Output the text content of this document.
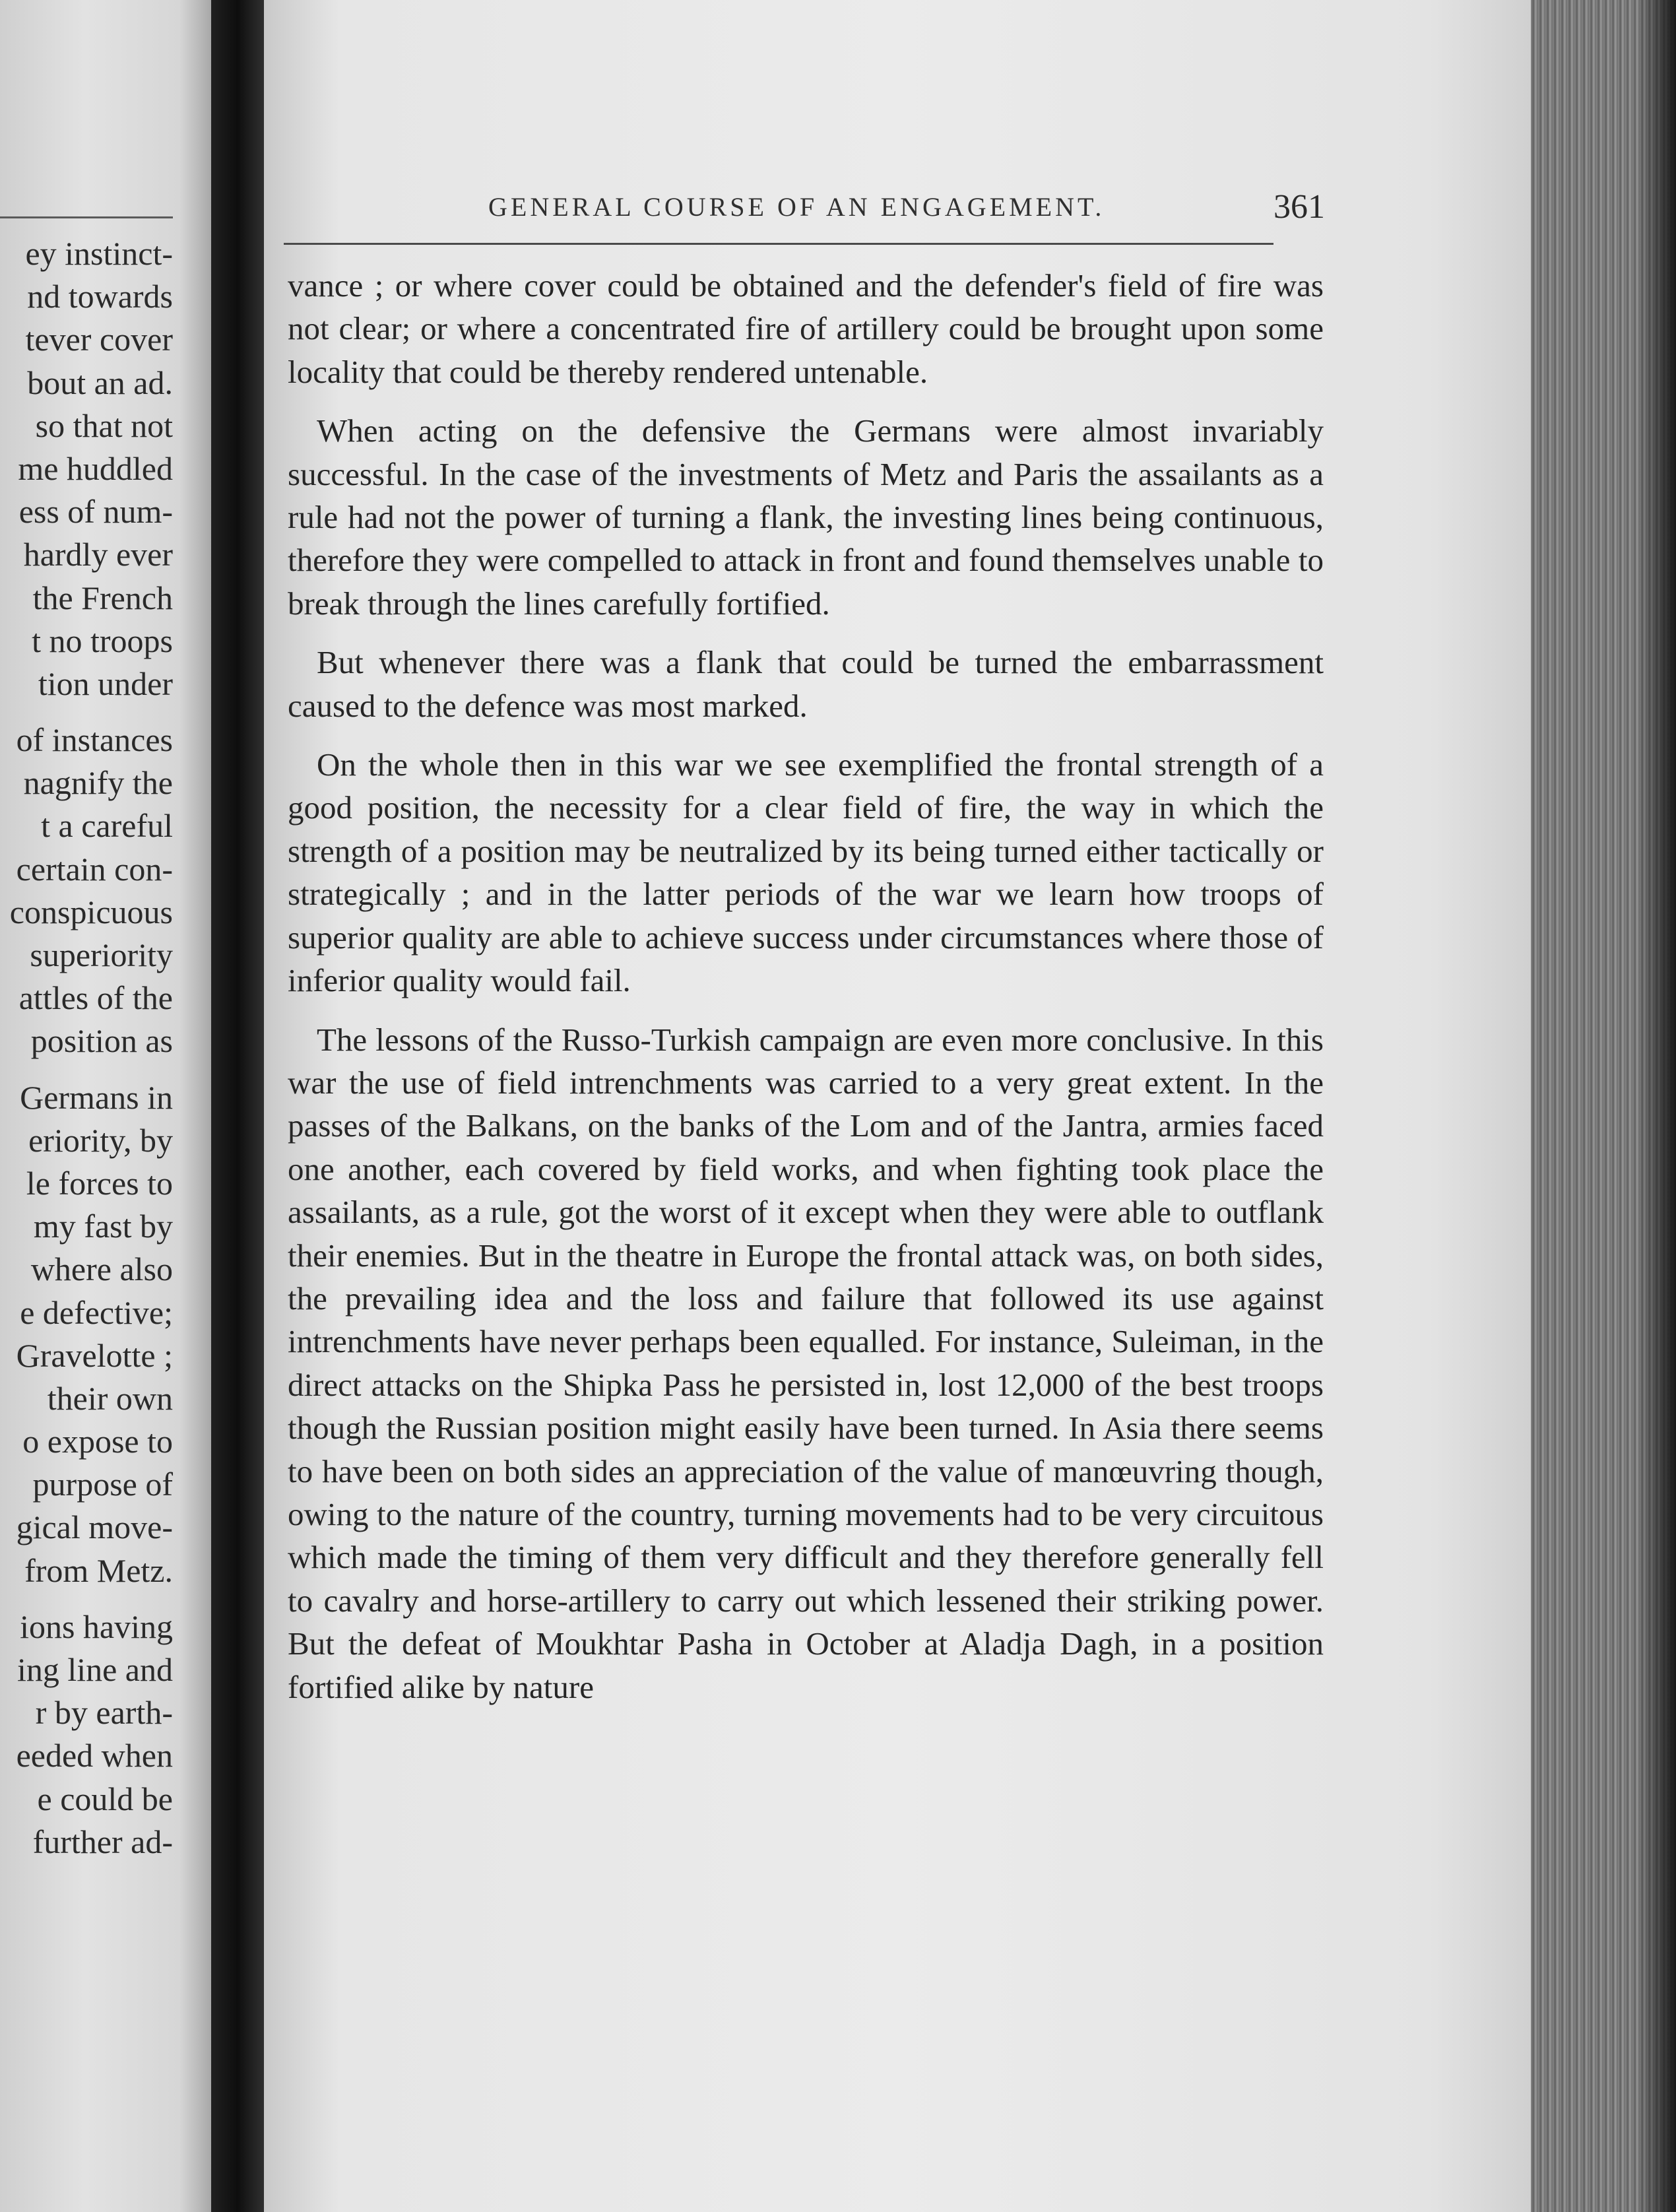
ey instinct-
nd towards
tever cover
bout an ad.
so that not
me huddled
ess of num-
hardly ever
the French
t no troops
tion under
of instances
nagnify the
t a careful
certain con-
conspicuous
superiority
attles of the
position as
Germans in
eriority, by
le forces to
my fast by
where also
e defective;
Gravelotte ;
their own
o expose to
purpose of
gical move-
from Metz.
ions having
ing line and
r by earth-
eeded when
e could be
further ad-
GENERAL COURSE OF AN ENGAGEMENT.	361

vance ; or where cover could be obtained and the defender's field of fire was not clear; or where a concentrated fire of artillery could be brought upon some locality that could be thereby rendered untenable.

When acting on the defensive the Germans were almost invariably successful. In the case of the investments of Metz and Paris the assailants as a rule had not the power of turning a flank, the investing lines being continuous, therefore they were compelled to attack in front and found themselves unable to break through the lines carefully fortified.

But whenever there was a flank that could be turned the embarrassment caused to the defence was most marked.

On the whole then in this war we see exemplified the frontal strength of a good position, the necessity for a clear field of fire, the way in which the strength of a position may be neutralized by its being turned either tactically or strategically ; and in the latter periods of the war we learn how troops of superior quality are able to achieve success under circumstances where those of inferior quality would fail.

The lessons of the Russo-Turkish campaign are even more conclusive. In this war the use of field intrenchments was carried to a very great extent. In the passes of the Balkans, on the banks of the Lom and of the Jantra, armies faced one another, each covered by field works, and when fighting took place the assailants, as a rule, got the worst of it except when they were able to outflank their enemies. But in the theatre in Europe the frontal attack was, on both sides, the prevailing idea and the loss and failure that followed its use against intrenchments have never perhaps been equalled. For instance, Suleiman, in the direct attacks on the Shipka Pass he persisted in, lost 12,000 of the best troops though the Russian position might easily have been turned. In Asia there seems to have been on both sides an appreciation of the value of manœuvring though, owing to the nature of the country, turning movements had to be very circuitous which made the timing of them very difficult and they therefore generally fell to cavalry and horse-artillery to carry out which lessened their striking power. But the defeat of Moukhtar Pasha in October at Aladja Dagh, in a position fortified alike by nature
